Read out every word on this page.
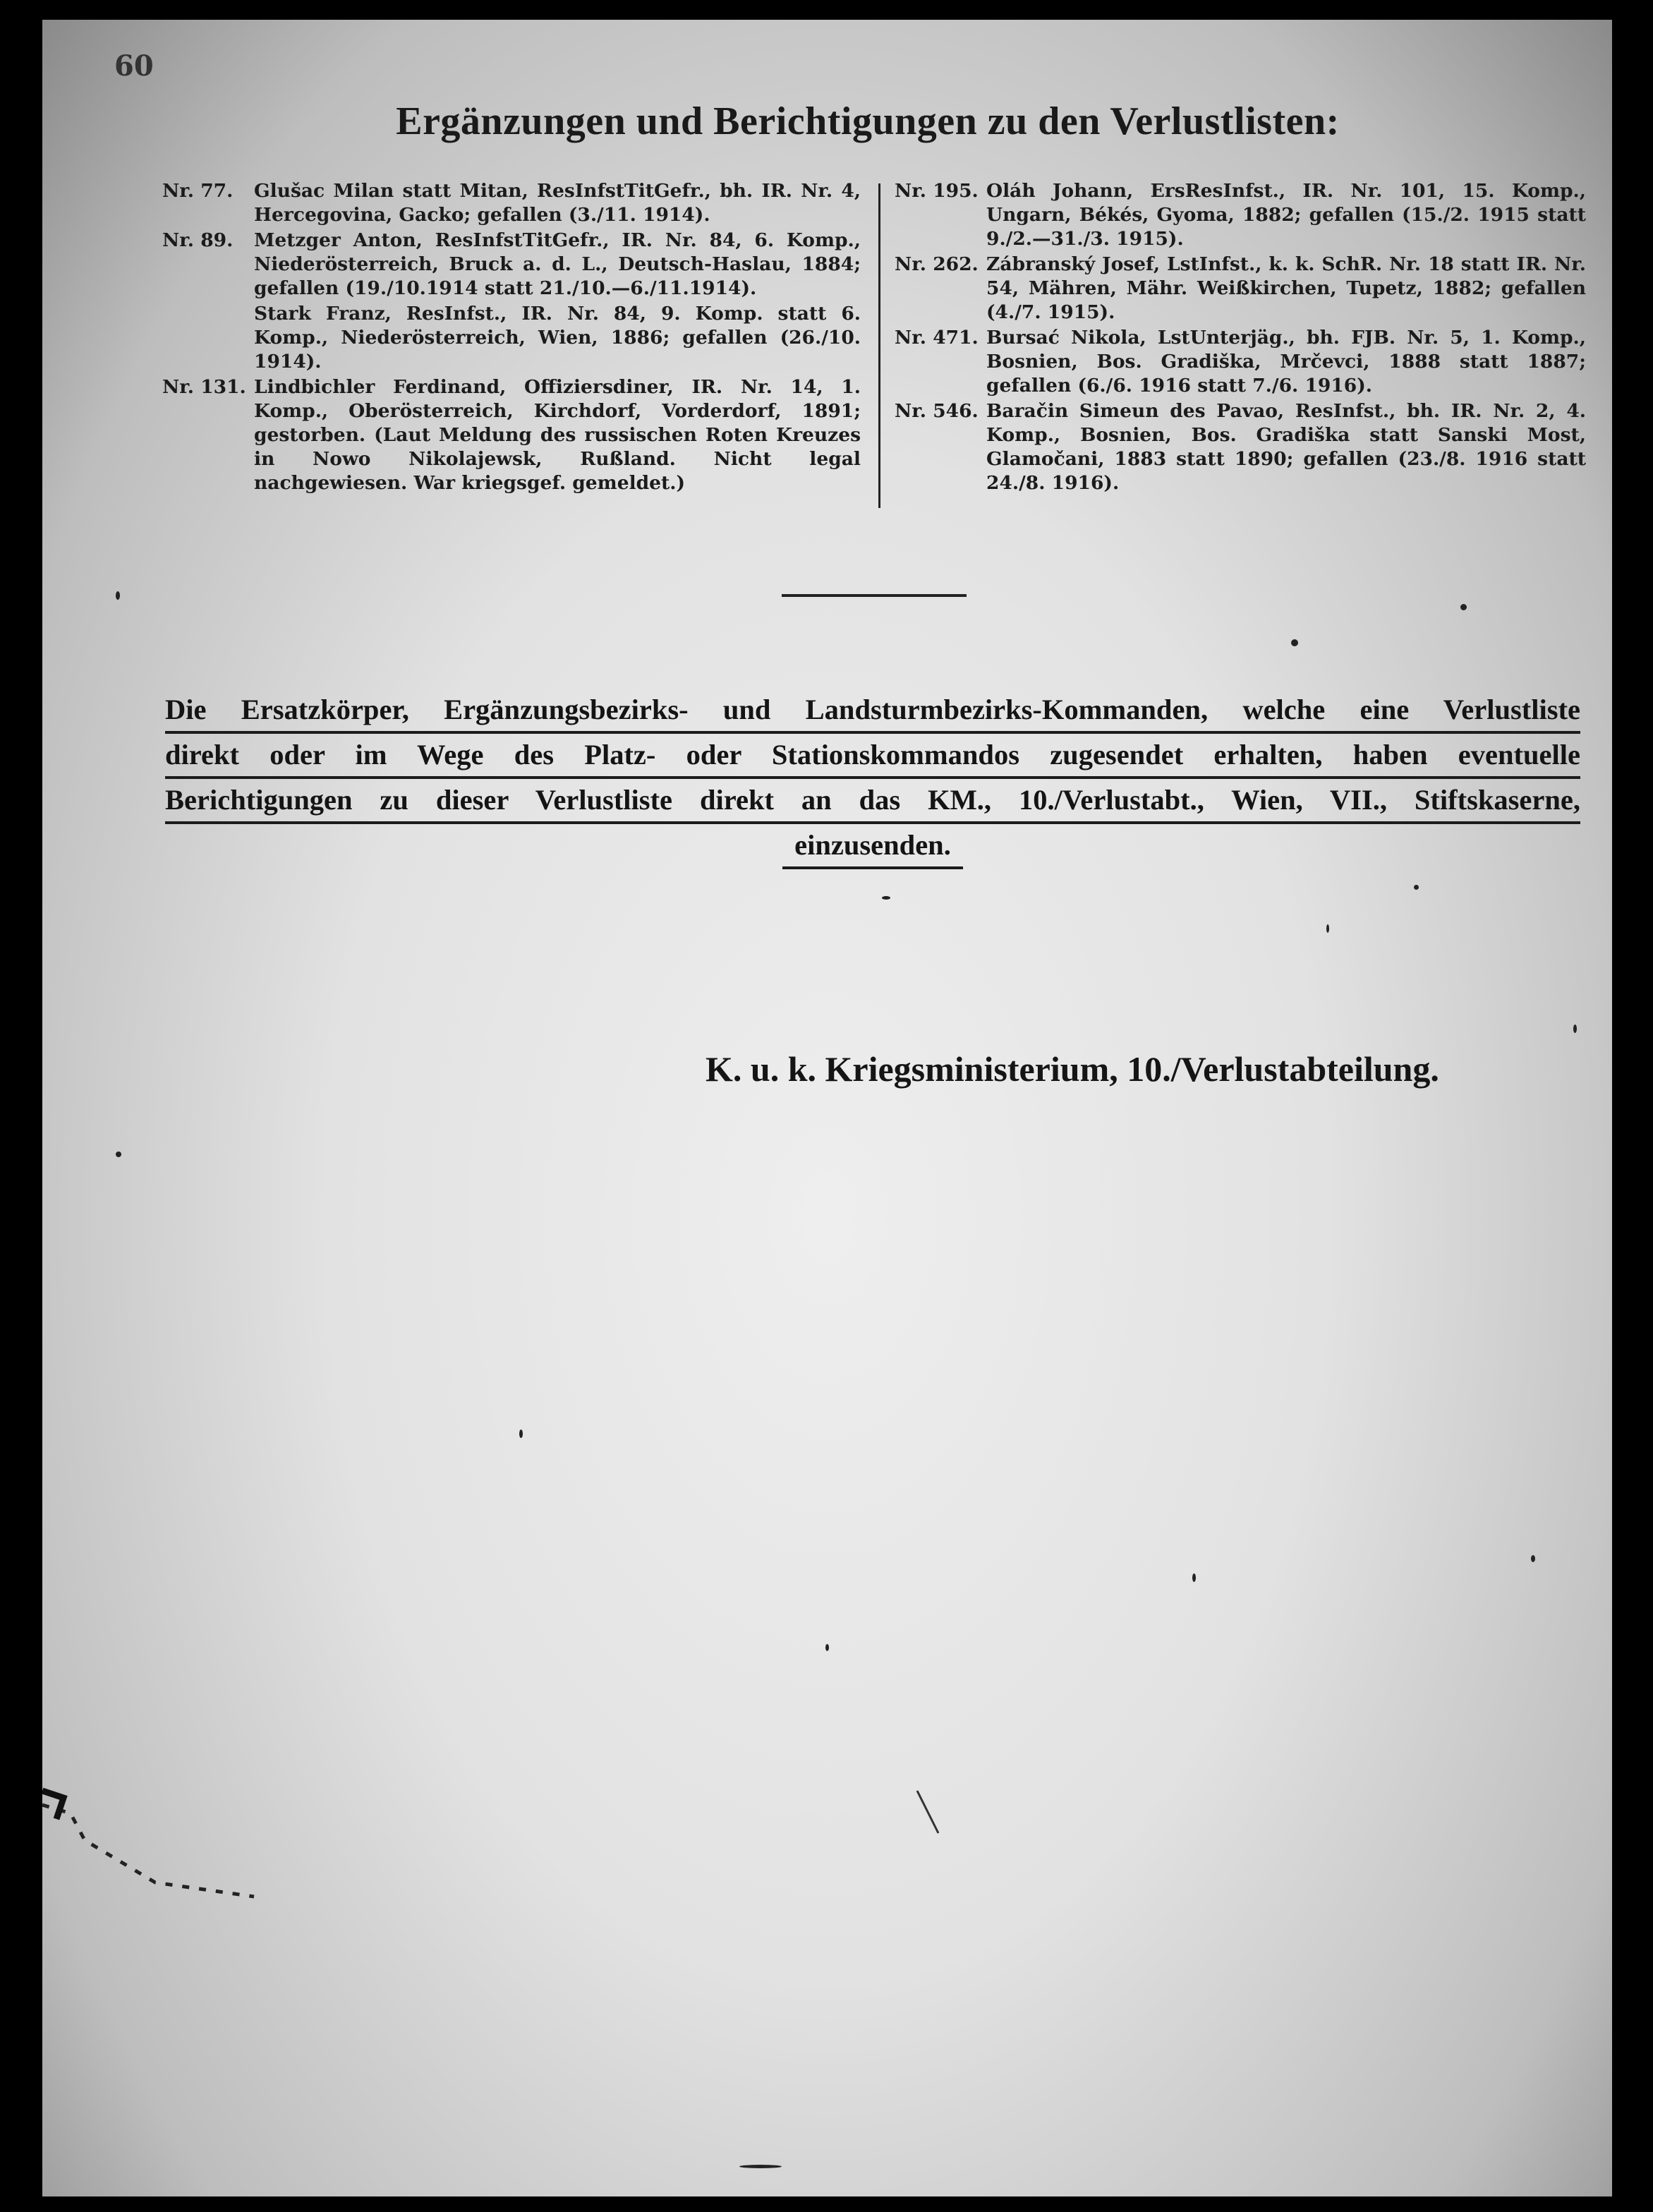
60
Ergänzungen und Berichtigungen zu den Verlustlisten:
Nr. 77.	Glušac Milan statt Mitan, ResInfstTitGefr., bh. IR. Nr. 4, Hercegovina, Gacko; gefallen (3./11. 1914).
Nr. 89.	Metzger Anton, ResInfstTitGefr., IR. Nr. 84, 6. Komp., Niederösterreich, Bruck a. d. L., Deutsch-Haslau, 1884; gefallen (19./10.1914 statt 21./10.—6./11.1914).
Stark Franz, ResInfst., IR. Nr. 84, 9. Komp. statt 6. Komp., Niederösterreich, Wien, 1886; gefallen (26./10. 1914).
Nr. 131. Lindbichler Ferdinand, Offiziersdiner, IR. Nr. 14, 1. Komp., Oberösterreich, Kirchdorf, Vorderdorf, 1891; gestorben. (Laut Meldung des russischen Roten Kreuzes in Nowo Nikolajewsk, Rußland. Nicht legal nachgewiesen. War kriegsgef. gemeldet.)
Nr. 195. Oláh Johann, ErsResInfst., IR. Nr. 101, 15. Komp., Ungarn, Békés, Gyoma, 1882; gefallen (15./2. 1915 statt 9./2.—31./3. 1915).
Nr. 262. Zábranský Josef, LstInfst., k. k. SchR. Nr. 18 statt IR. Nr. 54, Mähren, Mähr. Weißkirchen, Tupetz, 1882; gefallen (4./7. 1915).
Nr. 471. Bursać Nikola, LstUnterjäg., bh. FJB. Nr. 5, 1. Komp., Bosnien, Bos. Gradiška, Mrčevci, 1888 statt 1887; gefallen (6./6. 1916 statt 7./6. 1916).
Nr. 546. Baračin Simeun des Pavao, ResInfst., bh. IR. Nr. 2, 4. Komp., Bosnien, Bos. Gradiška statt Sanski Most, Glamočani, 1883 statt 1890; gefallen (23./8. 1916 statt 24./8. 1916).
Die Ersatzkörper, Ergänzungsbezirks- und Landsturmbezirks-Kommanden, welche eine Verlustliste
direkt oder im Wege des Platz- oder Stationskommandos zugesendet erhalten, haben eventuelle
Berichtigungen zu dieser Verlustliste direkt an das KM., 10./Verlustabt., Wien, VII., Stiftskaserne,
einzusenden.
K. u. k. Kriegsministerium, 10./Verlustabteilung.
